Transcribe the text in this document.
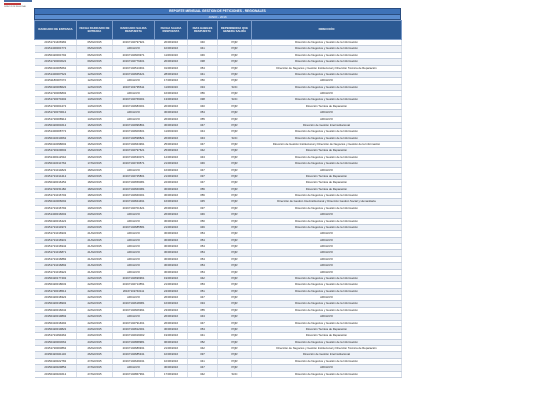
DIRECCIÓN REGIONAL
REPORTE MENSUAL GESTION DE PETICIONES - REGIONALES
JUNIO - 2016
RADICADO DE ENTRADA	FECHA RADICADO DE ENTRADA	RADICADO SALIDA RESPUESTA	FECHA SALIDA RESPUESTA	DIAS HABILES RESPUESTA	DEPENDENCIA QUE GENERA SALIDA	DIRECCIÓN
20151721406982	05/02/2015	20167102797921	20/06/2016	340	PQR	Dirección de Negocios y Gestión de la Información
20151400004772	06/02/2015	ARCHIVO	10/06/2016	341	PQR	Dirección de Negocios y Gestión de la Información
20150420004792	06/02/2015	20167102609971	11/06/2016	346	PQR	Dirección de Negocios y Gestión de la Información
20151720003022	09/02/2015	20167102779401	20/06/2016	338	PQR	Dirección de Negocios y Gestión de la Información
20150410005662	10/02/2015	20167102513461	01/06/2016	354	PQR	Dirección de Negocios y Gestión Institucional y Dirección Técnica de Reparación
20151400007522	12/02/2015	20167102665421	28/06/2016	341	PQR	Dirección de Negocios y Gestión de la Información
20151180007072	12/02/2015	ARCHIVO	17/06/2016	350	PQR	ARCHIVO
20150420008622	12/02/2015	20167102795611	11/06/2016	334	SOC	Dirección de Negocios y Gestión de la Información
20151720006802	12/02/2015	ARCHIVO	16/06/2016	356	PQR	ARCHIVO
20151720070402	13/02/2015	20167102769001	13/06/2016	338	SOC	Dirección de Negocios y Gestión de la Información
20151720004472	13/02/2015	20167102683001	20/06/2016	340	PQR	Dirección Técnica de Reparación
20151720070012	13/02/2015	ARCHIVO	30/06/2016	354	PQR	ARCHIVO
20151720008912	13/02/2015	ARCHIVO	26/06/2016	355	PQR	ARCHIVO
20150420004612	16/02/2015	20167102996861	30/06/2016	347	PQR	Dirección de Gestión Interinstitucional
20151400008772	16/02/2015	20167102609601	11/06/2016	344	PQR	Dirección de Negocios y Gestión de la Información
20150410010062	16/02/2015	20167102598821	26/06/2016	343	SOC	Dirección de Negocios y Gestión de la Información
20150410098602	16/02/2015	20167102664991	25/06/2016	347	PQR	Dirección de Gestión Institucional y Dirección de Negocios y Gestión de la Información
20151720109602	16/02/2015	20167102797621	25/06/2016	342	PQR	Dirección Técnica de Reparación
20151400112542	16/02/2015	20167102630071	12/06/2016	343	PQR	Dirección de Negocios y Gestión de la Información
20150410014762	17/02/2015	20167102749571	21/06/2016	346	PQR	Dirección de Negocios y Gestión de la Información
20151721014822	18/02/2015	ARCHIVO	16/06/2016	347	PQR	ARCHIVO
20151721014412	18/02/2015	20167102725801	21/06/2016	337	PQR	Dirección Técnica de Reparación
20150420016452	18/02/2015	20167102659081	22/06/2016	347	PQR	Dirección Técnica de Reparación
20151720151182	18/02/2015	20167102660081	30/06/2016	356	PQR	Dirección Técnica de Reparación
20151721016702	18/02/2015	20167102660001	30/06/2016	356	PQR	Dirección de Negocios y Gestión de la Información
20150410006092	19/02/2015	20167102844491	16/06/2016	345	PQR	Dirección de Gestión Interinstitucional y Dirección Gestión Social y Humanitaria
20151721016792	19/02/2015	20167102701621	26/06/2016	337	PQR	Dirección de Negocios y Gestión de la Información
20151400016602	20/02/2015	ARCHIVO	26/06/2016	346	PQR	ARCHIVO
20150420016422	20/02/2015	ARCHIVO	30/06/2016	350	PQR	Dirección de Negocios y Gestión de la Información
20151721014972	20/02/2015	20167102685581	21/06/2016	346	PQR	Dirección de Negocios y Gestión de la Información
20151721016932	21/02/2015	ARCHIVO	30/06/2016	354	PQR	ARCHIVO
20151721016931	21/02/2015	ARCHIVO	30/06/2016	354	PQR	ARCHIVO
20151721016942	21/02/2015	ARCHIVO	30/06/2016	354	PQR	ARCHIVO
20151721016871	21/02/2015	ARCHIVO	30/06/2016	354	PQR	ARCHIVO
20151721016882	21/02/2015	ARCHIVO	30/06/2016	354	PQR	ARCHIVO
20151721016892	21/02/2015	ARCHIVO	30/06/2016	354	PQR	ARCHIVO
20151721016922	21/02/2015	ARCHIVO	30/06/2016	354	PQR	ARCHIVO
20150420177402	22/02/2015	20167102699961	19/06/2016	342	PQR	Dirección de Negocios y Gestión de la Información
20150420018032	22/02/2015	20167102714551	21/06/2016	353	PQR	Dirección de Negocios y Gestión de la Información
20151720018512	22/02/2015	20167102740111	24/06/2016	351	PQR	Dirección de Negocios y Gestión de la Información
20150420018322	22/02/2015	ARCHIVO	26/06/2016	347	PQR	ARCHIVO
20150420018902	22/02/2015	20167102618081	16/06/2016	334	PQR	Dirección de Negocios y Gestión de la Información
20150420016642	22/02/2015	20167102606991	23/06/2016	355	PQR	Dirección de Negocios y Gestión de la Información
20150420019892	22/02/2015	ARCHIVO	26/06/2016	343	PQR	ARCHIVO
20150410018492	22/02/2015	20167102791461	26/06/2016	347	PQR	Dirección de Negocios y Gestión de la Información
20150420019822	23/02/2015	20167102812001	30/06/2016	354	PQR	Dirección Técnica de Reparación
20151721099462	23/02/2015	20167102919002	19/06/2016	341	PQR	Dirección Técnica de Reparación
20150420003062	23/02/2015	20167102868981	06/06/2016	352	PQR	Dirección de Negocios y Gestión de la Información
20151720003862	26/02/2015	20167102689931	21/06/2016	342	PQR	Dirección de Negocios y Gestión Institucional y Dirección Técnica de Reparación
20150420021132	26/02/2015	20167102685341	10/06/2016	337	PQR	Dirección de Gestión Interinstitucional
20150420022782	27/02/2015	20167102649041	10/06/2016	341	PQR	Dirección de Negocios y Gestión de la Información
20150420029852	27/02/2015	ARCHIVO	30/06/2016	347	PQR	ARCHIVO
20150420024612	27/02/2015	20167102867991	17/06/2016	342	SOC	Dirección de Negocios y Gestión de la Información
